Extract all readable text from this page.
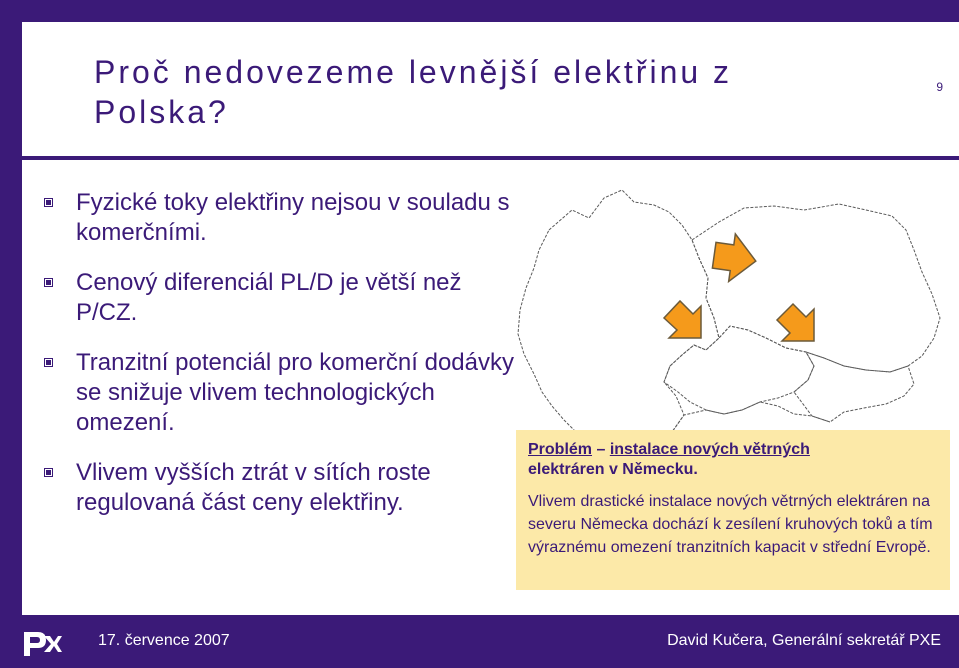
Proč nedovezeme levnější elektřinu z Polska?
9
Fyzické toky elektřiny nejsou v souladu s komerčními.
Cenový diferenciál PL/D je větší než P/CZ.
Tranzitní potenciál pro komerční dodávky se snižuje vlivem technologických omezení.
Vlivem vyšších ztrát v sítích roste regulovaná část ceny elektřiny.
Problém – instalace nových větrných
elektráren v Německu.
Vlivem drastické instalace nových větrných elektráren na severu Německa dochází k zesílení kruhových toků a tím výraznému omezení tranzitních kapacit v střední Evropě.
17. července 2007	David Kučera, Generální sekretář PXE
